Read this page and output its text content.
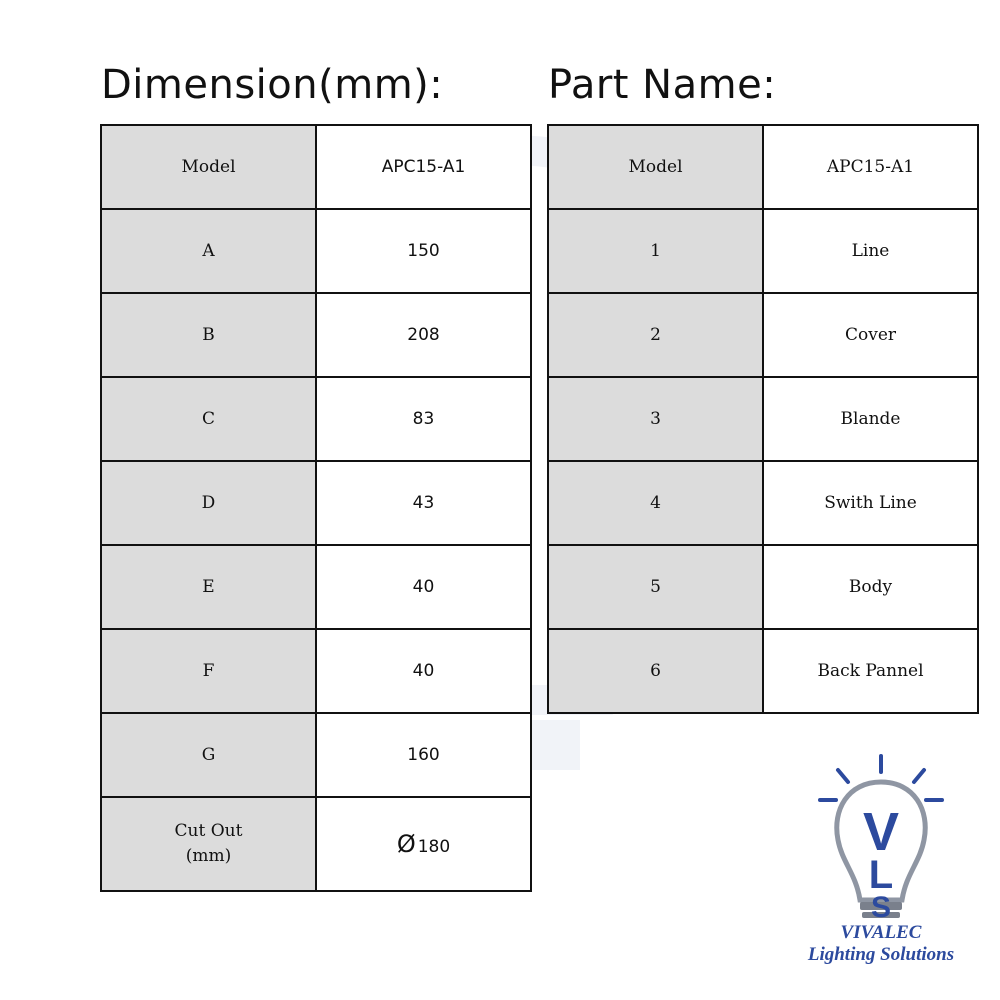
Dimension(mm):	Part Name:
Model	APC15-A1
A	150
B	208
C	83
D	43
E	40
F	40
G	160
Cut Out
(mm)	Ø 180
Model	APC15-A1
1	Line
2	Cover
3	Blande
4	Swith Line
5	Body
6	Back Pannel
V
L
S

VIVALEC

Lighting Solutions
